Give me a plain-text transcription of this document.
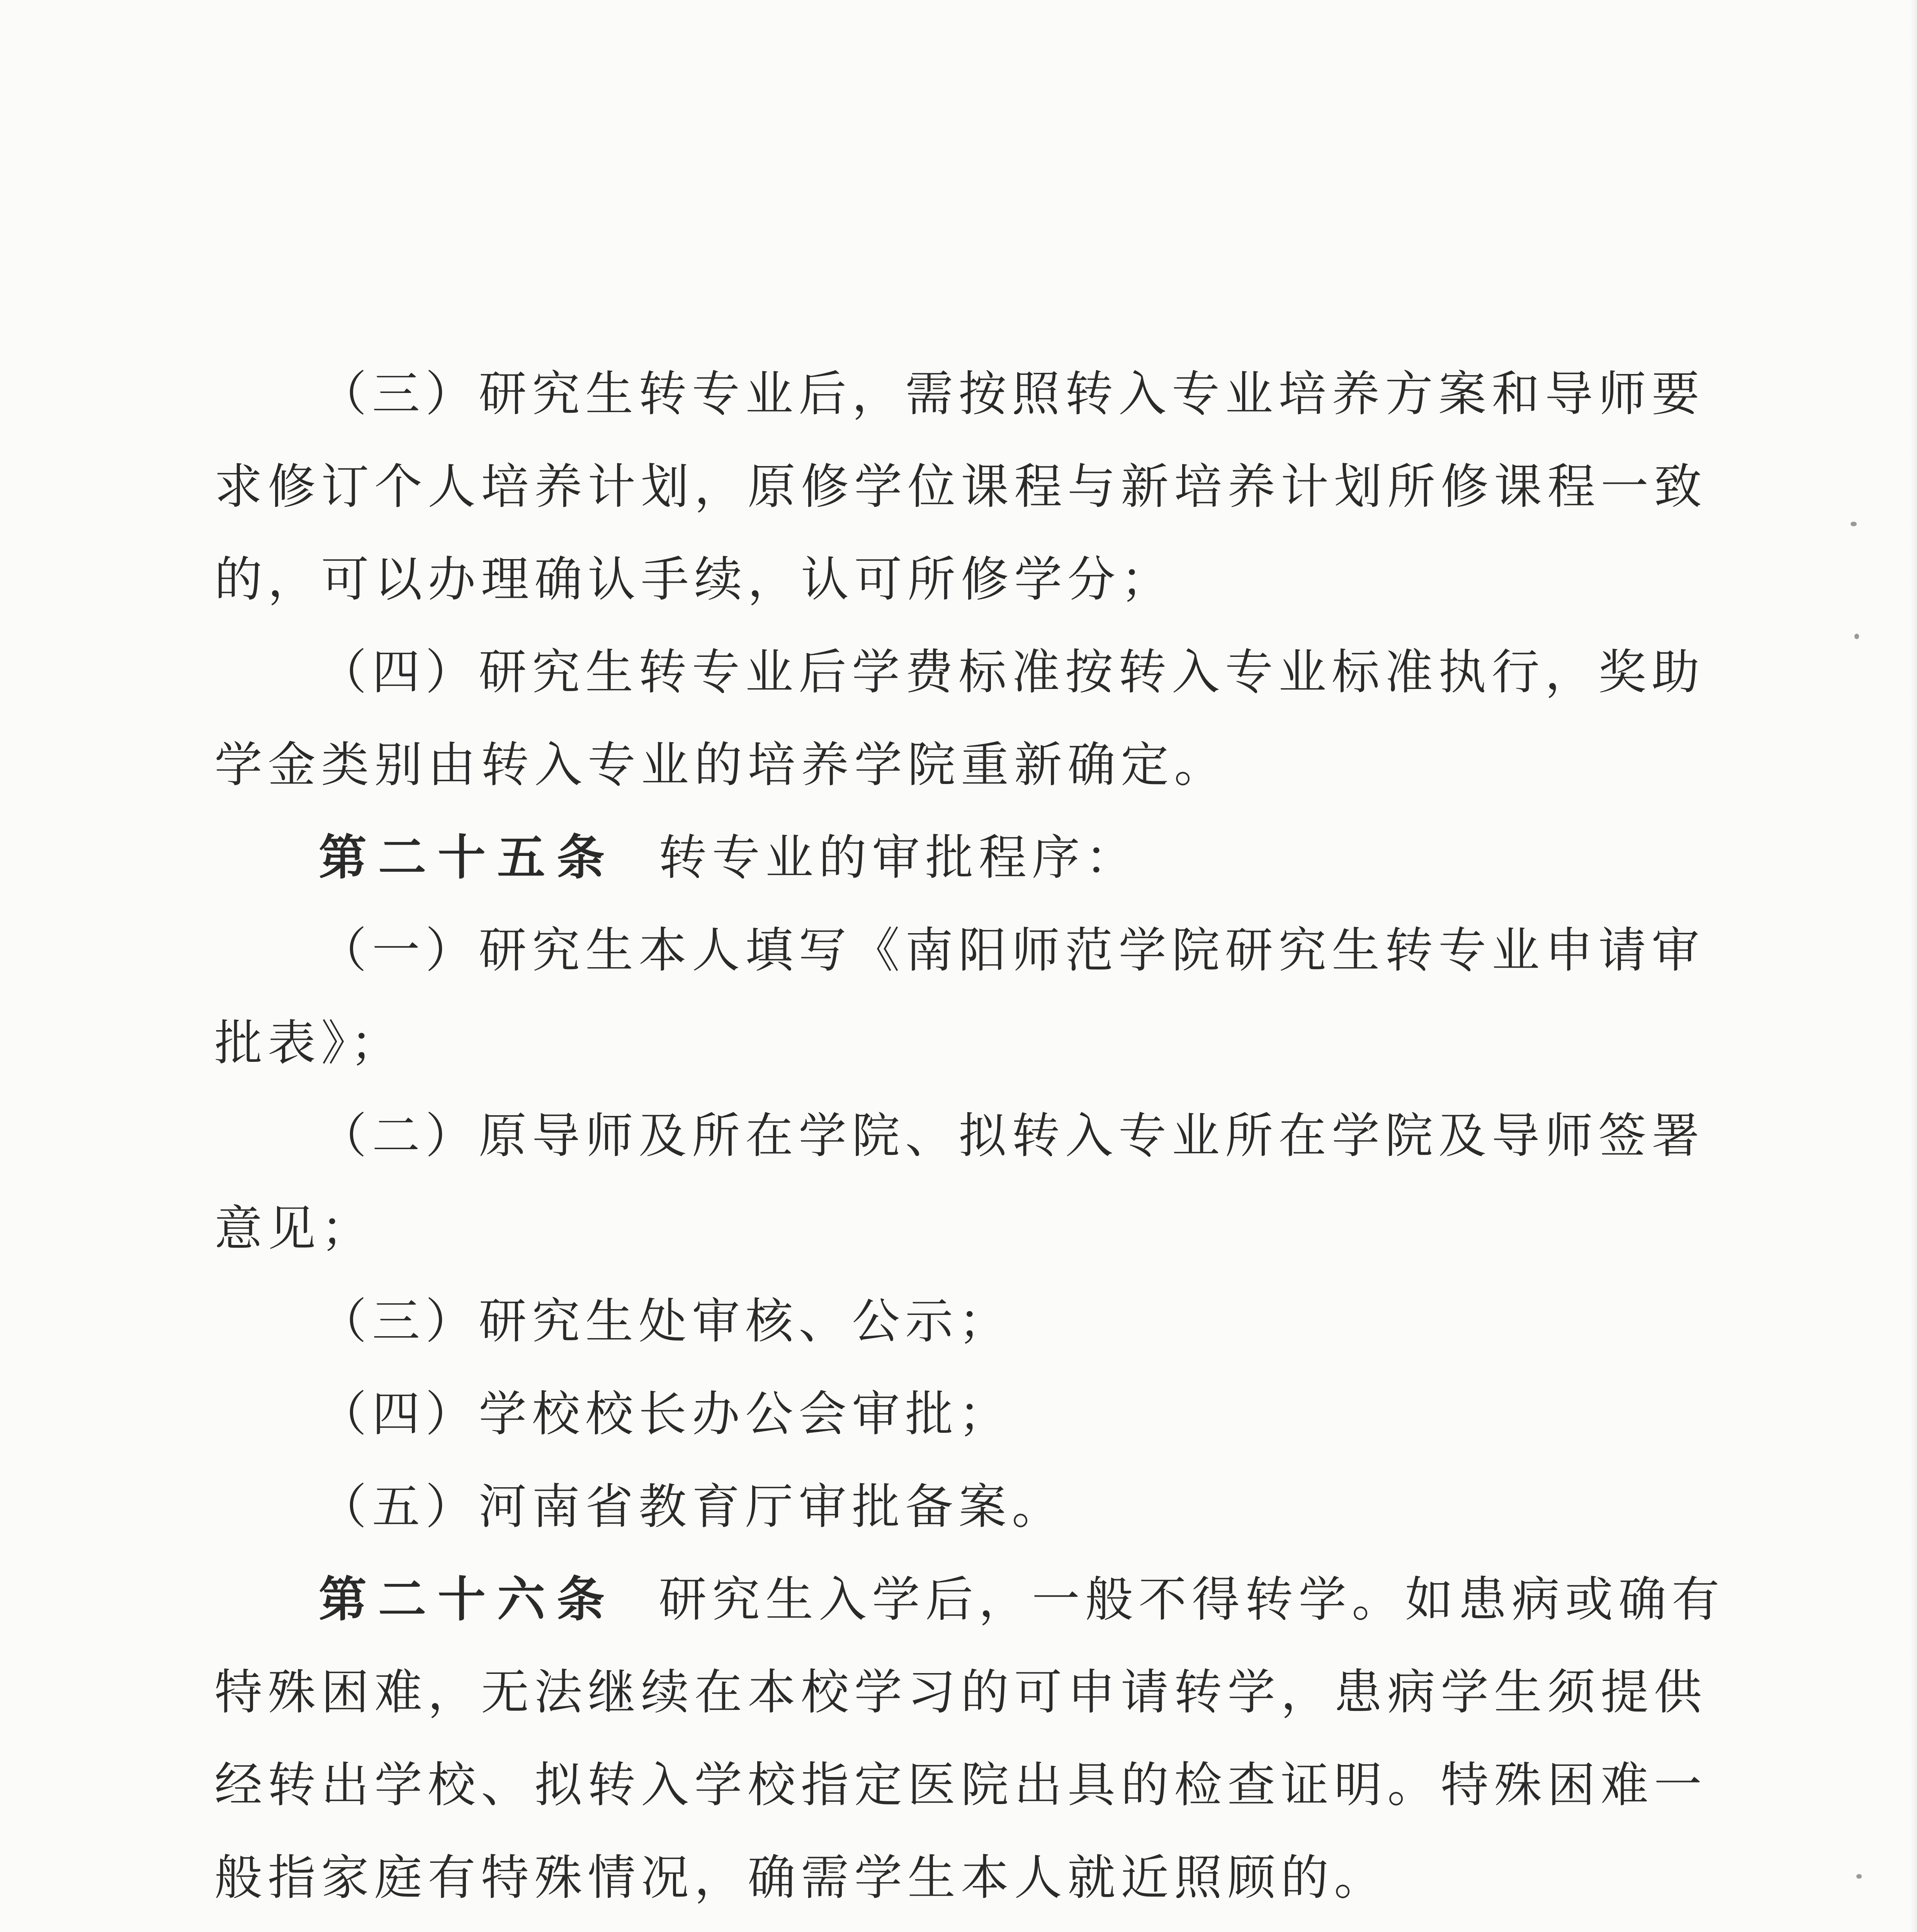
（三）研究生转专业后，需按照转入专业培养方案和导师要
求修订个人培养计划，原修学位课程与新培养计划所修课程一致
的，可以办理确认手续，认可所修学分；
（四）研究生转专业后学费标准按转入专业标准执行，奖助
学金类别由转入专业的培养学院重新确定。
第二十五条 转专业的审批程序：
（一）研究生本人填写《南阳师范学院研究生转专业申请审
批表》；
（二）原导师及所在学院、拟转入专业所在学院及导师签署
意见；
（三）研究生处审核、公示；
（四）学校校长办公会审批；
（五）河南省教育厅审批备案。
第二十六条 研究生入学后，一般不得转学。如患病或确有
特殊困难，无法继续在本校学习的可申请转学，患病学生须提供
经转出学校、拟转入学校指定医院出具的检查证明。特殊困难一
般指家庭有特殊情况，确需学生本人就近照顾的。
